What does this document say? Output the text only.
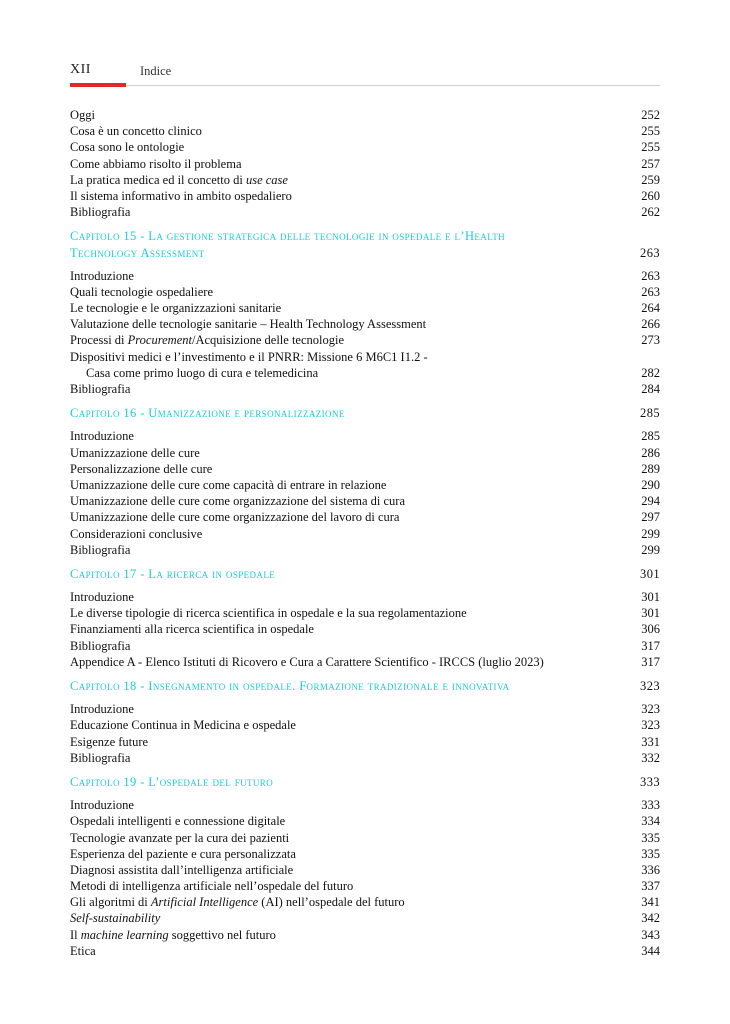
XII	Indice
Oggi	252
Cosa è un concetto clinico	255
Cosa sono le ontologie	255
Come abbiamo risolto il problema	257
La pratica medica ed il concetto di use case	259
Il sistema informativo in ambito ospedaliero	260
Bibliografia	262
Capitolo 15 - La gestione strategica delle tecnologie in ospedale e l’Health
Technology Assessment	263
Introduzione	263
Quali tecnologie ospedaliere	263
Le tecnologie e le organizzazioni sanitarie	264
Valutazione delle tecnologie sanitarie – Health Technology Assessment	266
Processi di Procurement/Acquisizione delle tecnologie	273
Dispositivi medici e l’investimento e il PNRR: Missione 6 M6C1 I1.2 -
Casa come primo luogo di cura e telemedicina	282
Bibliografia	284
Capitolo 16 - Umanizzazione e personalizzazione	285
Introduzione	285
Umanizzazione delle cure	286
Personalizzazione delle cure	289
Umanizzazione delle cure come capacità di entrare in relazione	290
Umanizzazione delle cure come organizzazione del sistema di cura	294
Umanizzazione delle cure come organizzazione del lavoro di cura	297
Considerazioni conclusive	299
Bibliografia	299
Capitolo 17 - La ricerca in ospedale	301
Introduzione	301
Le diverse tipologie di ricerca scientifica in ospedale e la sua regolamentazione	301
Finanziamenti alla ricerca scientifica in ospedale	306
Bibliografia	317
Appendice A - Elenco Istituti di Ricovero e Cura a Carattere Scientifico - IRCCS (luglio 2023)	317
Capitolo 18 - Insegnamento in ospedale. Formazione tradizionale e innovativa	323
Introduzione	323
Educazione Continua in Medicina e ospedale	323
Esigenze future	331
Bibliografia	332
Capitolo 19 - L’ospedale del futuro	333
Introduzione	333
Ospedali intelligenti e connessione digitale	334
Tecnologie avanzate per la cura dei pazienti	335
Esperienza del paziente e cura personalizzata	335
Diagnosi assistita dall’intelligenza artificiale	336
Metodi di intelligenza artificiale nell’ospedale del futuro	337
Gli algoritmi di Artificial Intelligence (AI) nell’ospedale del futuro	341
Self-sustainability	342
Il machine learning soggettivo nel futuro	343
Etica	344
